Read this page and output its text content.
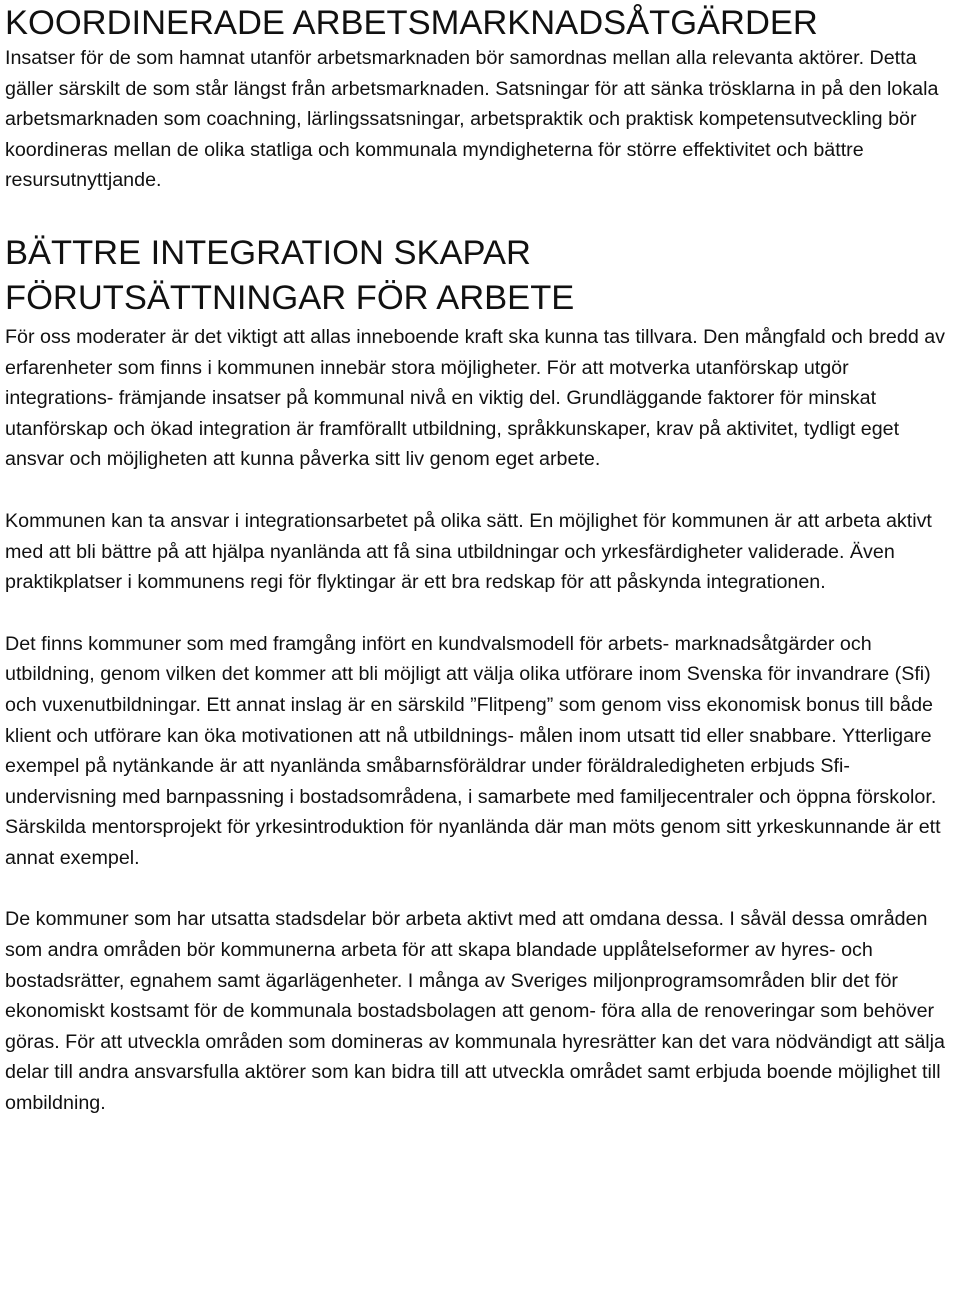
KOORDINERADE ARBETSMARKNADSÅTGÄRDER

Insatser för de som hamnat utanför arbetsmarknaden bör samordnas mellan alla relevanta aktörer. Detta gäller särskilt de som står längst från arbetsmarknaden. Satsningar för att sänka trösklarna in på den lokala arbetsmarknaden som coachning, lärlingssatsningar, arbetspraktik och praktisk kompetensutveckling bör koordineras mellan de olika statliga och kommunala myndigheterna för större effektivitet och bättre resursutnyttjande.

BÄTTRE INTEGRATION SKAPAR
FÖRUTSÄTTNINGAR FÖR ARBETE

För oss moderater är det viktigt att allas inneboende kraft ska kunna tas tillvara. Den mångfald och bredd av erfarenheter som finns i kommunen innebär stora möjligheter. För att motverka utanförskap utgör integrations- främjande insatser på kommunal nivå en viktig del. Grundläggande faktorer för minskat utanförskap och ökad integration är framförallt utbildning, språkkunskaper, krav på aktivitet, tydligt eget ansvar och möjligheten att kunna påverka sitt liv genom eget arbete.

Kommunen kan ta ansvar i integrationsarbetet på olika sätt. En möjlighet för kommunen är att arbeta aktivt med att bli bättre på att hjälpa nyanlända att få sina utbildningar och yrkesfärdigheter validerade. Även praktikplatser i kommunens regi för flyktingar är ett bra redskap för att påskynda integrationen.

Det finns kommuner som med framgång infört en kundvalsmodell för arbets- marknadsåtgärder och utbildning, genom vilken det kommer att bli möjligt att välja olika utförare inom Svenska för invandrare (Sfi) och vuxenutbildningar. Ett annat inslag är en särskild ”Flitpeng” som genom viss ekonomisk bonus till både klient och utförare kan öka motivationen att nå utbildnings- målen inom utsatt tid eller snabbare. Ytterligare exempel på nytänkande är att nyanlända småbarnsföräldrar under föräldraledigheten erbjuds Sfi- undervisning med barnpassning i bostadsområdena, i samarbete med familjecentraler och öppna förskolor. Särskilda mentorsprojekt för yrkesintroduktion för nyanlända där man möts genom sitt yrkeskunnande är ett annat exempel.

De kommuner som har utsatta stadsdelar bör arbeta aktivt med att omdana dessa. I såväl dessa områden som andra områden bör kommunerna arbeta för att skapa blandade upplåtelseformer av hyres- och bostadsrätter, egnahem samt ägarlägenheter. I många av Sveriges miljonprogramsområden blir det för ekonomiskt kostsamt för de kommunala bostadsbolagen att genom- föra alla de renoveringar som behöver göras. För att utveckla områden som domineras av kommunala hyresrätter kan det vara nödvändigt att sälja delar till andra ansvarsfulla aktörer som kan bidra till att utveckla området samt erbjuda boende möjlighet till ombildning.
